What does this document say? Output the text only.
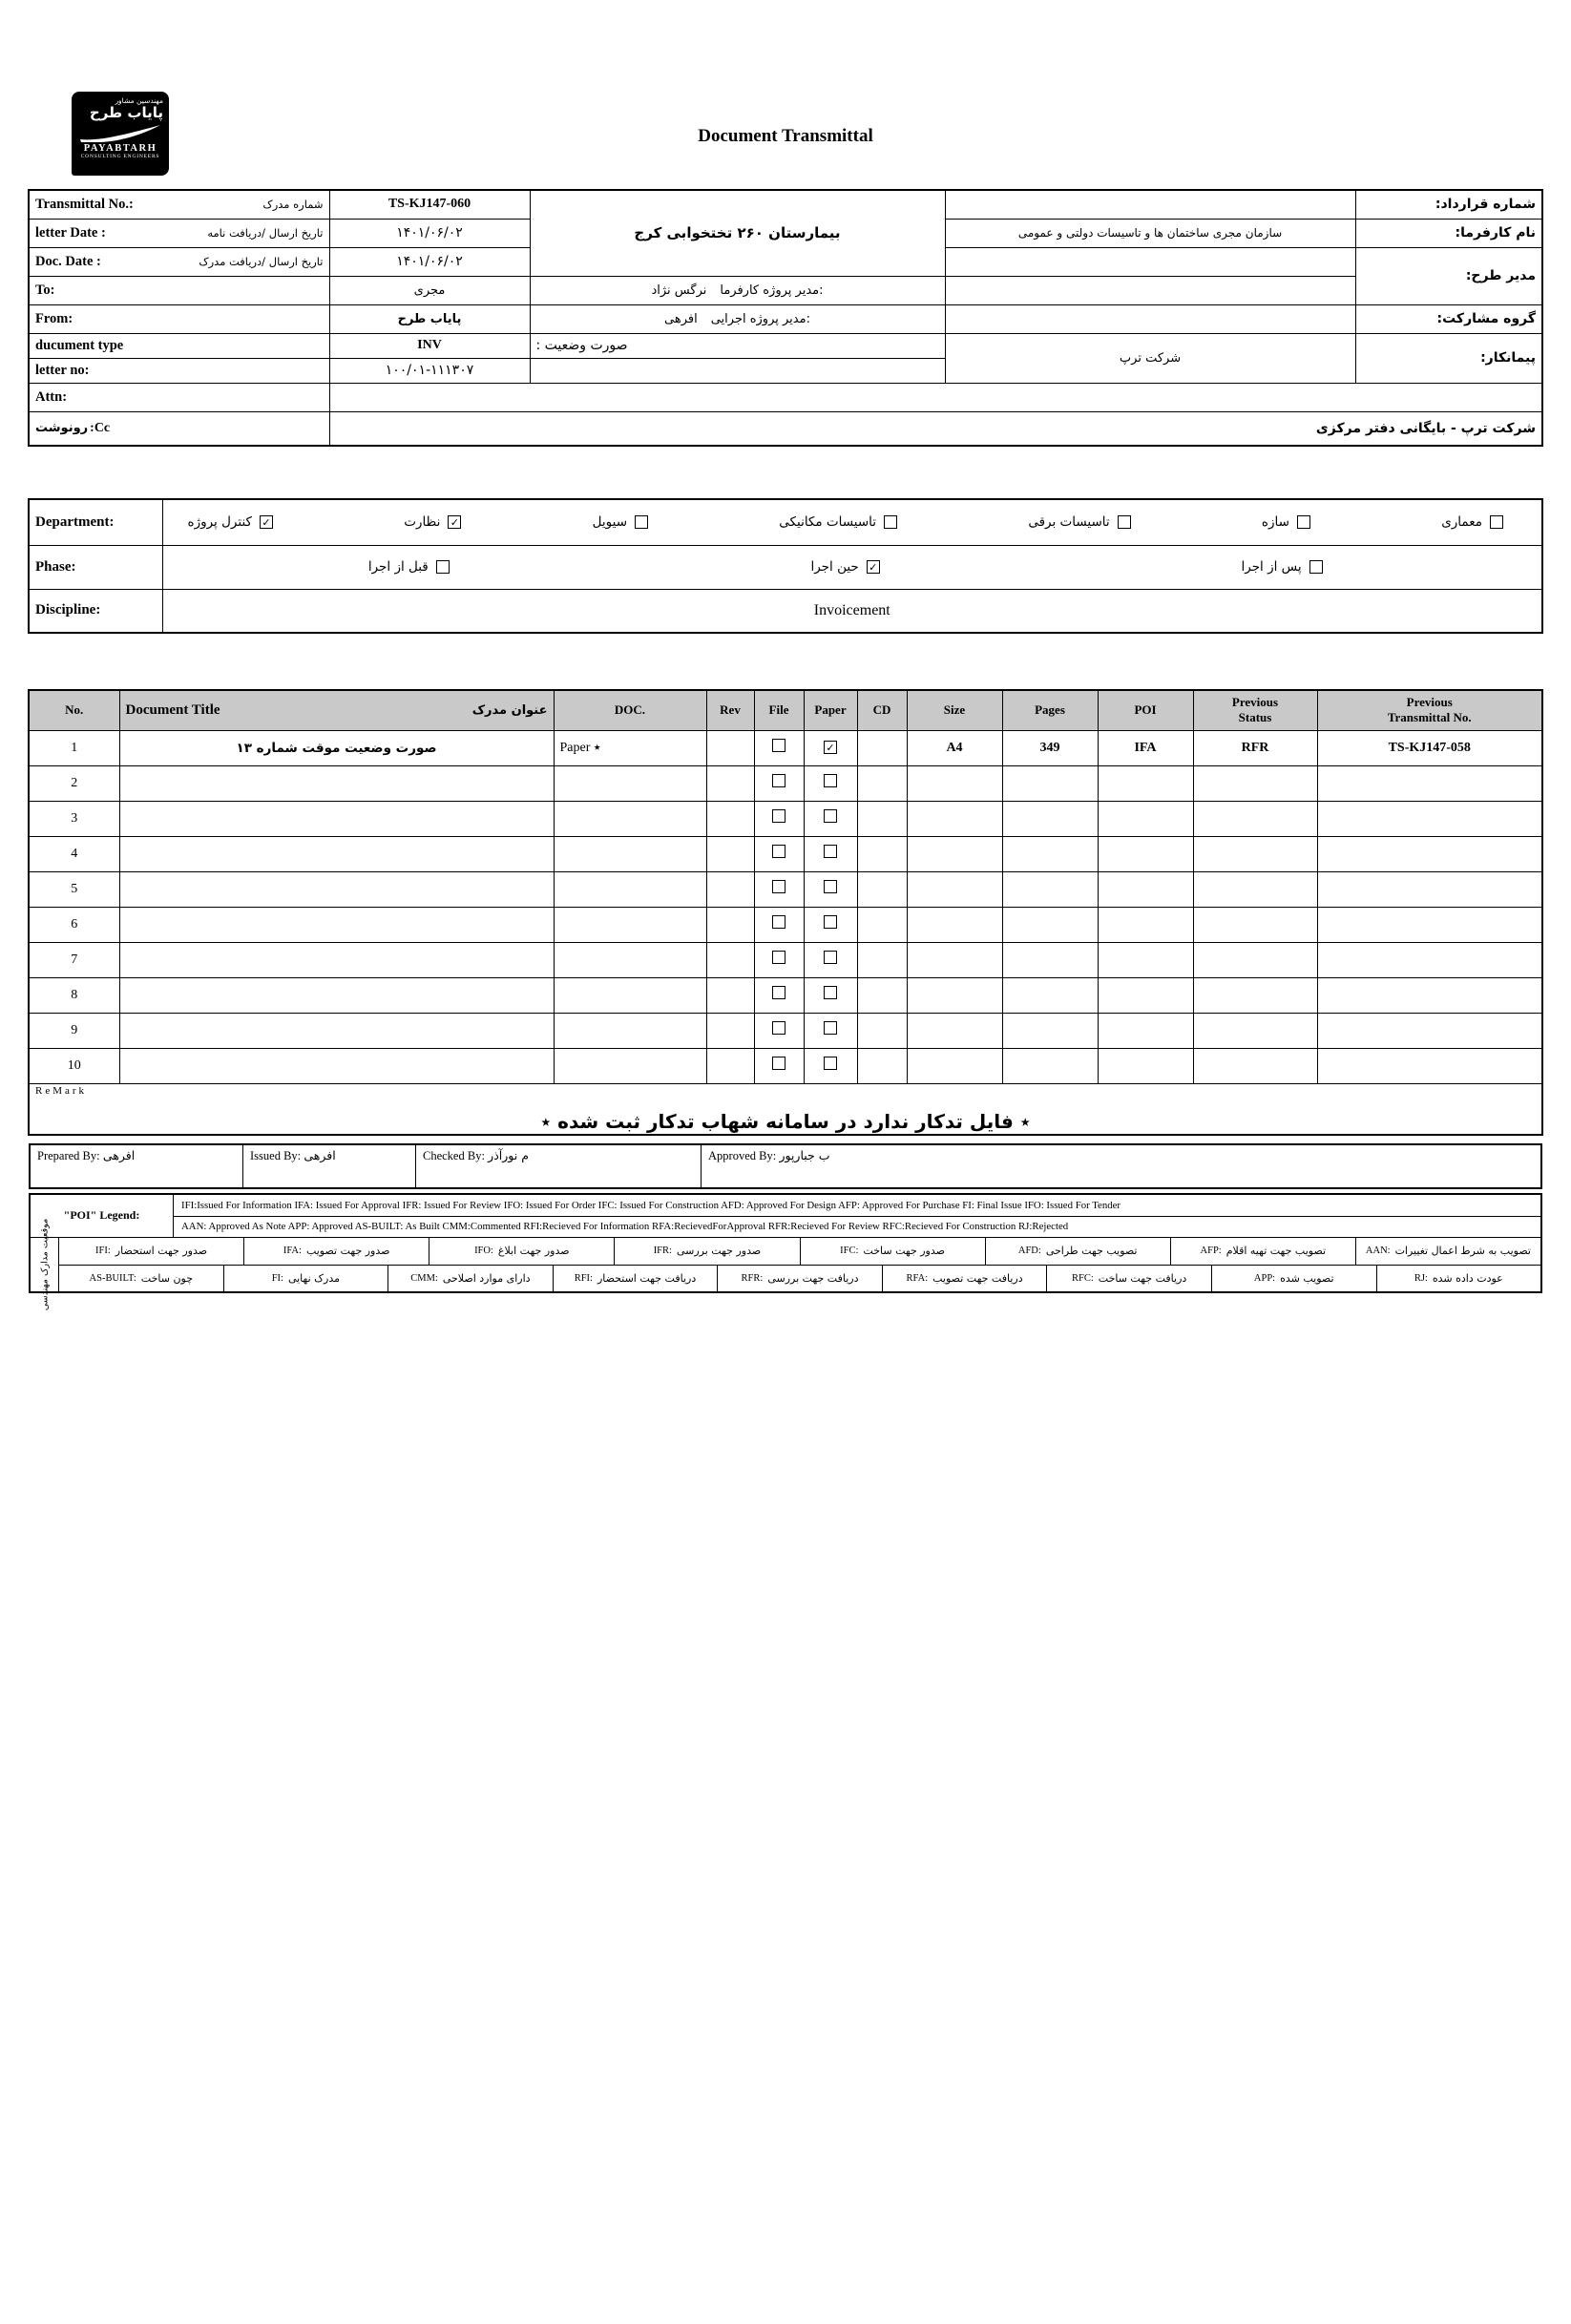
مهندسین مشاور
پایاب طرح
PAYABTARH
CONSULTING ENGINEERS
Document Transmittal
Transmittal No.: شماره مدرک	TS-KJ147-060	بیمارستان ۲۶۰ تختخوابی کرج		شماره قرارداد:

letter Date : تاریخ ارسال /دریافت نامه	۱۴۰۱/۰۶/۰۲		سازمان مجری ساختمان ها و تاسیسات دولتی و عمومی	نام کارفرما:

Doc. Date : تاریخ ارسال /دریافت مدرک	۱۴۰۱/۰۶/۰۲			مدیر طرح:

To:	مجری	نرگس نژاد مدیر پروژه کارفرما:		

From:	پایاب طرح	افرهی مدیر پروژه اجرایی:		گروه مشارکت:

ducument type	INV	صورت وضعیت :	شرکت ترپ	پیمانکار:

letter no:	۱۰۰/۰۱-۱۱۱۳۰۷			

Attn:				

رونوشت :Cc	شرکت ترپ - بایگانی دفتر مرکزی			
Department:	کنترل پروژه ✓	نظارت ✓	سیویل	تاسیسات مکانیکی	تاسیسات برقی	سازه	معماری

Phase:	قبل از اجرا حین اجرا ✓ پس از اجرا

Discipline:	Invoicement
No.	Document Title عنوان مدرک	DOC.	Rev	File	Paper	CD	Size	Pages	POI	Previous Status	Previous Transmittal No.

1	صورت وضعیت موقت شماره ۱۳	Paper ٭			✓		A4	349	IFA	RFR	TS-KJ147-058
2											
3											
4											
5											
6											
7											
8											
9											
10											

ReMark
٭ فایل تدکار ندارد در سامانه شهاب تدکار ثبت شده ٭											
Prepared By: افرهی	Issued By: افرهی	Checked By: م نورآذر	Approved By: ب جبارپور
"POI" Legend:
IFI:Issued For Information IFA: Issued For Approval IFR: Issued For Review IFO: Issued For Order IFC: Issued For Construction AFD: Approved For Design AFP: Approved For Purchase FI: Final Issue IFO: Issued For Tender
AAN: Approved As Note APP: Approved AS-BUILT: As Built CMM:Commented RFI:Recieved For Information RFA:RecievedForApproval RFR:Recieved For Review RFC:Recieved For Construction RJ:Rejected
موقعیت مدارک مهندسی	IFI: صدور جهت استحضار	IFA: صدور جهت تصویب	IFO: صدور جهت ابلاغ	IFR: صدور جهت بررسی	IFC: صدور جهت ساخت	AFD: تصویب جهت طراحی	AFP: تصویب جهت تهیه اقلام	AAN: تصویب به شرط اعمال تغییرات
AS-BUILT: چون ساخت	FI: مدرک نهایی	CMM: دارای موارد اصلاحی	RFI: دریافت جهت استحضار	RFR: دریافت جهت بررسی	RFA: دریافت جهت تصویب	RFC: دریافت جهت ساخت	APP: تصویب شده	RJ: عودت داده شده
